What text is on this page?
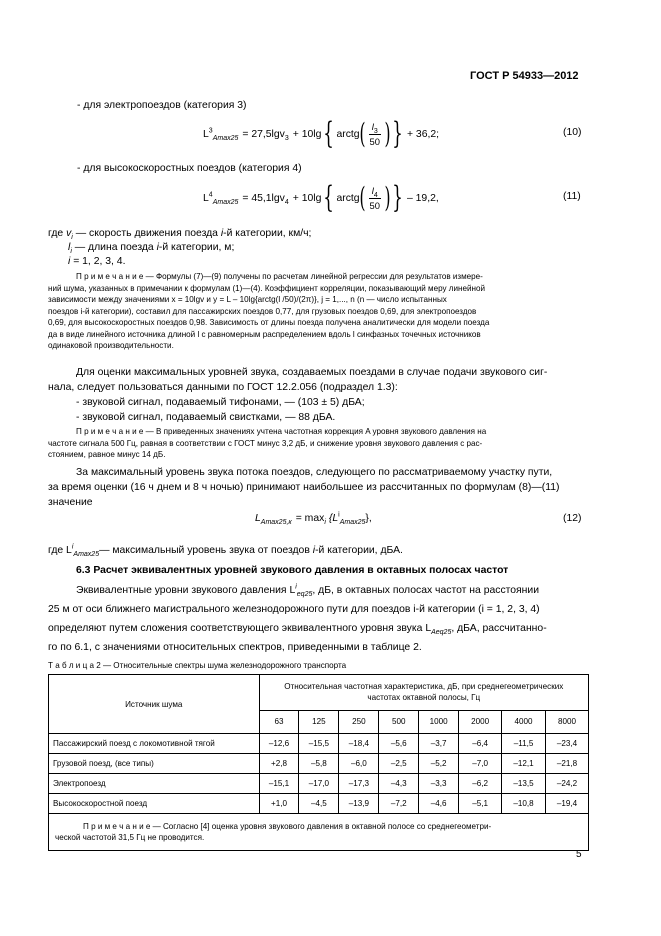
ГОСТ Р 54933—2012
- для электропоездов (категория 3)
$L^3_{Amax25} = 27,5\lg v_3 + 10\lg$ { arctg ( $\frac{l_3}{50}$ ) } + 36,2;	(10)
- для высокоскоростных поездов (категория 4)
$L^4_{Amax25} = 45,1\lg v_4 + 10\lg$ { arctg ( $\frac{l_4}{50}$ ) } – 19,2,	(11)
где $v_i$ — скорость движения поезда i-й категории, км/ч;
$l_i$ — длина поезда i-й категории, м;
i = 1, 2, 3, 4.
П р и м е ч а н и е — Формулы (7)—(9) получены по расчетам линейной регрессии для результатов измере-
ний шума, указанных в примечании к формулам (1)—(4). Коэффициент корреляции, показывающий меру линейной
зависимости между значениями x = 10lgv и y = L – 10lg{arctg(l /50)/(2π)}, j = 1,..., n (n — число испытанных
поездов i-й категории), составил для пассажирских поездов 0,77, для грузовых поездов 0,69, для электропоездов
0,69, для высокоскоростных поездов 0,98. Зависимость от длины поезда получена аналитически для модели поезда
да в виде линейного источника длиной l с равномерным распределением вдоль l синфазных точечных источников
одинаковой производительности.
Для оценки максимальных уровней звука, создаваемых поездами в случае подачи звукового сиг-
нала, следует пользоваться данными по ГОСТ 12.2.056 (подраздел 1.3):
- звуковой сигнал, подаваемый тифонами, — (103 ± 5) дБА;
- звуковой сигнал, подаваемый свистками, — 88 дБА.
П р и м е ч а н и е — В приведенных значениях учтена частотная коррекция A уровня звукового давления на
частоте сигнала 500 Гц, равная в соответствии с ГОСТ минус 3,2 дБ, и снижение уровня звукового давления с рас-
стоянием, равное минус 14 дБ.
За максимальный уровень звука потока поездов, следующего по рассматриваемому участку пути,
за время оценки (16 ч днем и 8 ч ночью) принимают наибольшее из рассчитанных по формулам (8)—(11)
значение
$L_{Amax25,к} = \max_i \{L^i_{Amax25}\}$,	(12)
где $L^i_{Amax25}—$ максимальный уровень звука от поездов i-й категории, дБА.
6.3 Расчет эквивалентных уровней звукового давления в октавных полосах частот
Эквивалентные уровни звукового давления $L^i_{eq25}$, дБ, в октавных полосах частот на расстоянии
25 м от оси ближнего магистрального железнодорожного пути для поездов i-й категории (i = 1, 2, 3, 4)
определяют путем сложения соответствующего эквивалентного уровня звука $L_{Aeq25}$, дБА, рассчитанно-
го по 6.1, с значениями относительных спектров, приведенными в таблице 2.
Т а б л и ц а 2 — Относительные спектры шума железнодорожного транспорта
Источник шума	Относительная частотная характеристика, дБ, при среднегеометрических
частотах октавной полосы, Гц							

	63	125	250	500	1000	2000	4000	8000
Пассажирский поезд с локомотивной тягой	–12,6	–15,5	–18,4	–5,6	–3,7	–6,4	–11,5	–23,4
Грузовой поезд, (все типы)	+2,8	–5,8	–6,0	–2,5	–5,2	–7,0	–12,1	–21,8
Электропоезд	–15,1	–17,0	–17,3	–4,3	–3,3	–6,2	–13,5	–24,2
Высокоскоростной поезд	+1,0	–4,5	–13,9	–7,2	–4,6	–5,1	–10,8	–19,4

П р и м е ч а н и е — Согласно [4] оценка уровня звукового давления в октавной полосе со среднегеометри-
ческой частотой 31,5 Гц не проводится.								
5
